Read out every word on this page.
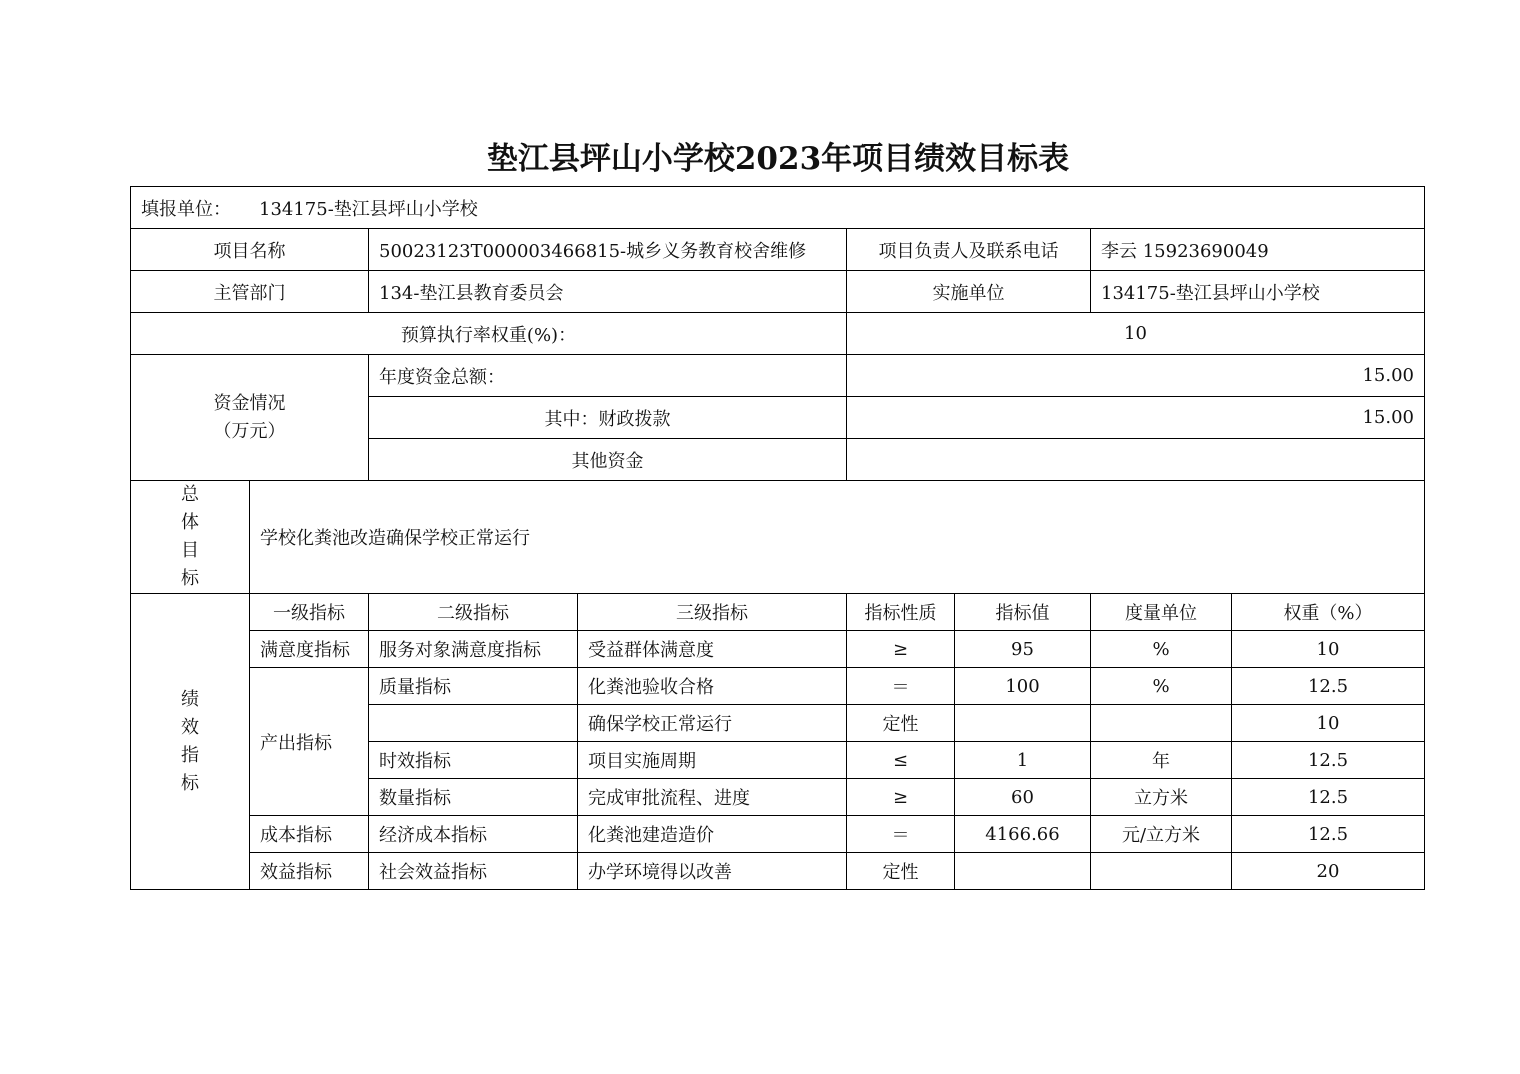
垫江县坪山小学校2023年项目绩效目标表
填报单位： 134175-垫江县坪山小学校							
项目名称		50023123T000003466815-城乡义务教育校舍维修		项目负责人及联系电话		李云 15923690049	
主管部门		134-垫江县教育委员会		实施单位		134175-垫江县坪山小学校	
预算执行率权重(%)：				10			

资金情况
（万元）		年度资金总额：		15.00			
		其中：财政拨款		15.00			
		其他资金					

总
体
目
标	学校化粪池改造确保学校正常运行						

绩
效
指
标	一级指标	二级指标	三级指标	指标性质	指标值	度量单位	权重（%）
	满意度指标	服务对象满意度指标	受益群体满意度	≥	95	%	10
	产出指标	质量指标	化粪池验收合格	＝	100	%	12.5
			确保学校正常运行	定性			10
		时效指标	项目实施周期	≤	1	年	12.5
		数量指标	完成审批流程、进度	≥	60	立方米	12.5
	成本指标	经济成本指标	化粪池建造造价	＝	4166.66	元/立方米	12.5
	效益指标	社会效益指标	办学环境得以改善	定性			20
